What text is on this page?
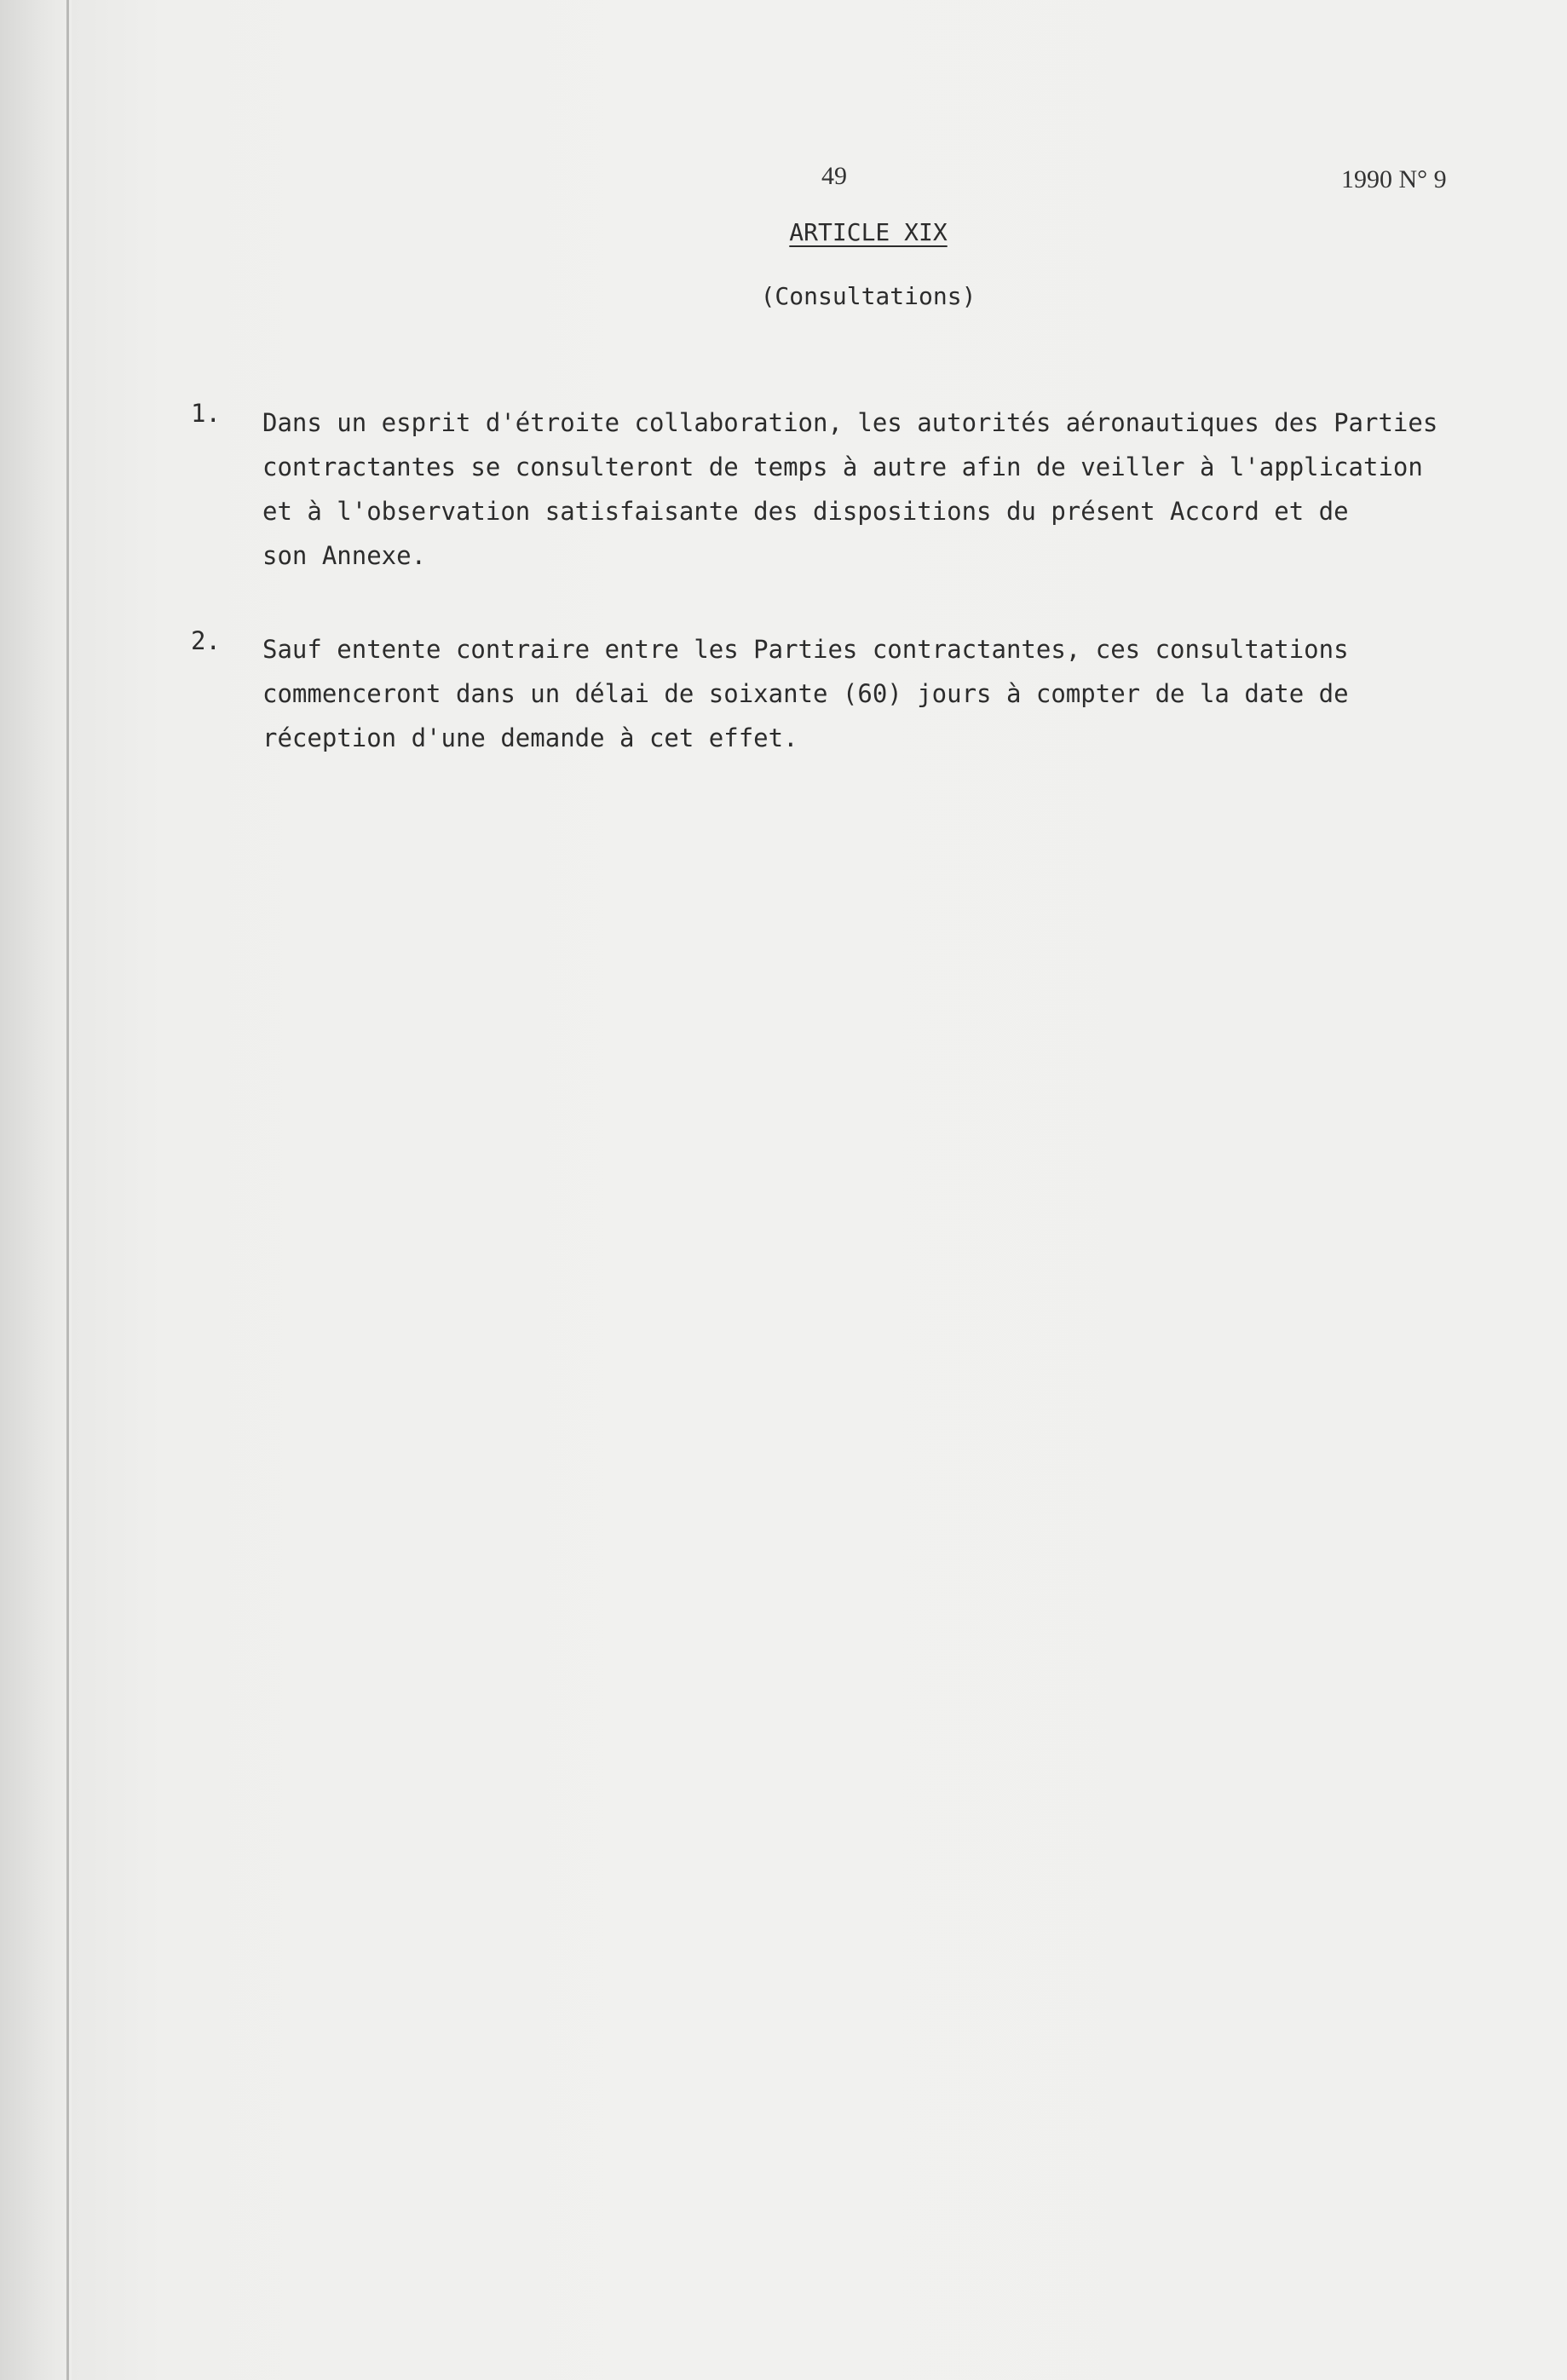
49	1990 N° 9
ARTICLE XIX
(Consultations)
1. Dans un esprit d'étroite collaboration, les autorités aéronautiques des Parties
contractantes se consulteront de temps à autre afin de veiller à l'application
et à l'observation satisfaisante des dispositions du présent Accord et de
son Annexe.
2. Sauf entente contraire entre les Parties contractantes, ces consultations
commenceront dans un délai de soixante (60) jours à compter de la date de
réception d'une demande à cet effet.
